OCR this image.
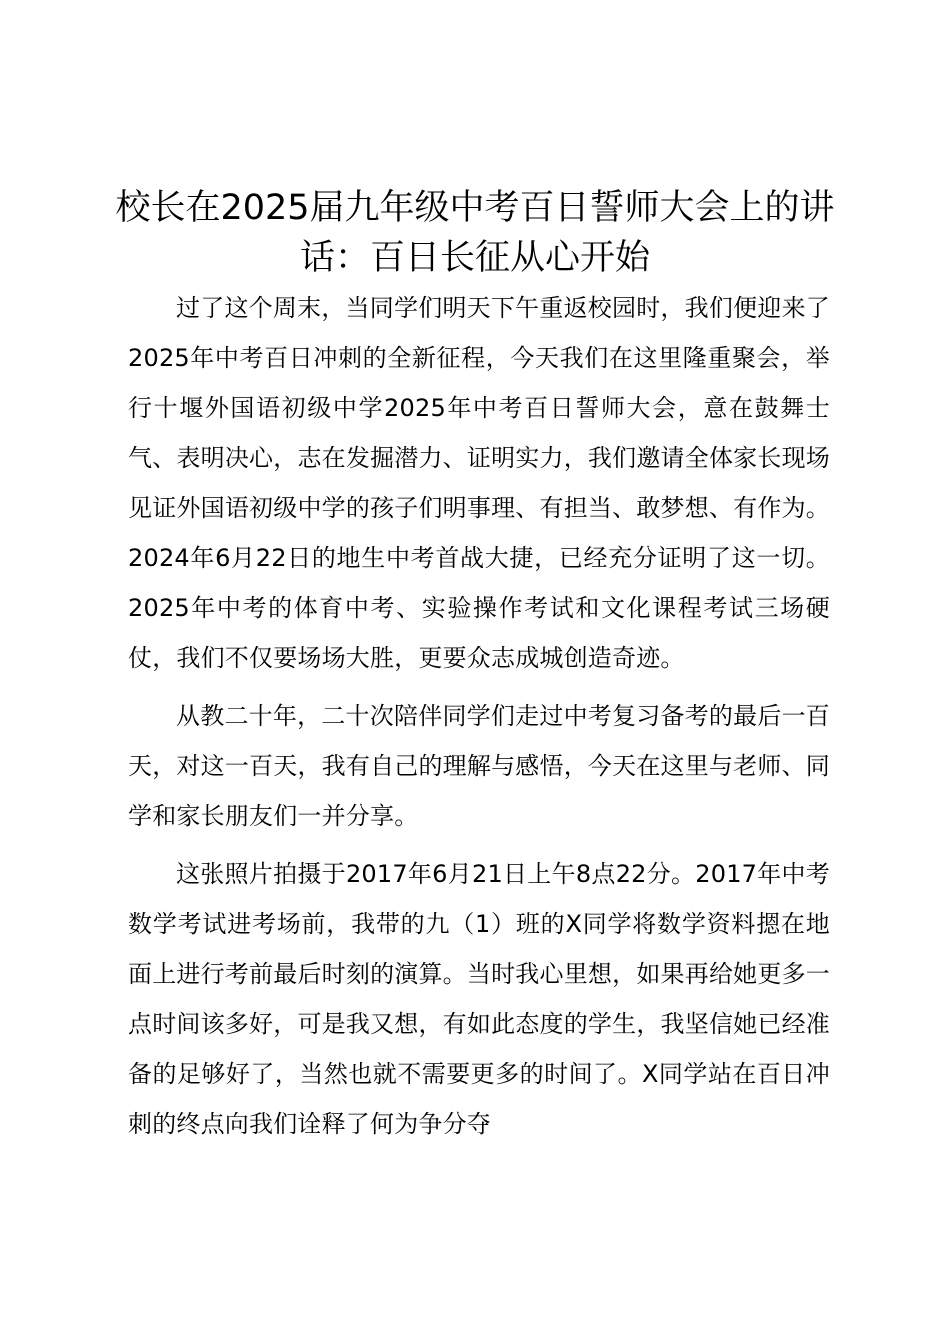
校长在2025届九年级中考百日誓师大会上的讲话：百日长征从心开始

过了这个周末，当同学们明天下午重返校园时，我们便迎来了2025年中考百日冲刺的全新征程，今天我们在这里隆重聚会，举行十堰外国语初级中学2025年中考百日誓师大会，意在鼓舞士气、表明决心，志在发掘潜力、证明实力，我们邀请全体家长现场见证外国语初级中学的孩子们明事理、有担当、敢梦想、有作为。2024年6月22日的地生中考首战大捷，已经充分证明了这一切。2025年中考的体育中考、实验操作考试和文化课程考试三场硬仗，我们不仅要场场大胜，更要众志成城创造奇迹。

从教二十年，二十次陪伴同学们走过中考复习备考的最后一百天，对这一百天，我有自己的理解与感悟，今天在这里与老师、同学和家长朋友们一并分享。

这张照片拍摄于2017年6月21日上午8点22分。2017年中考数学考试进考场前，我带的九（1）班的X同学将数学资料摁在地面上进行考前最后时刻的演算。当时我心里想，如果再给她更多一点时间该多好，可是我又想，有如此态度的学生，我坚信她已经准备的足够好了，当然也就不需要更多的时间了。X同学站在百日冲刺的终点向我们诠释了何为争分夺
